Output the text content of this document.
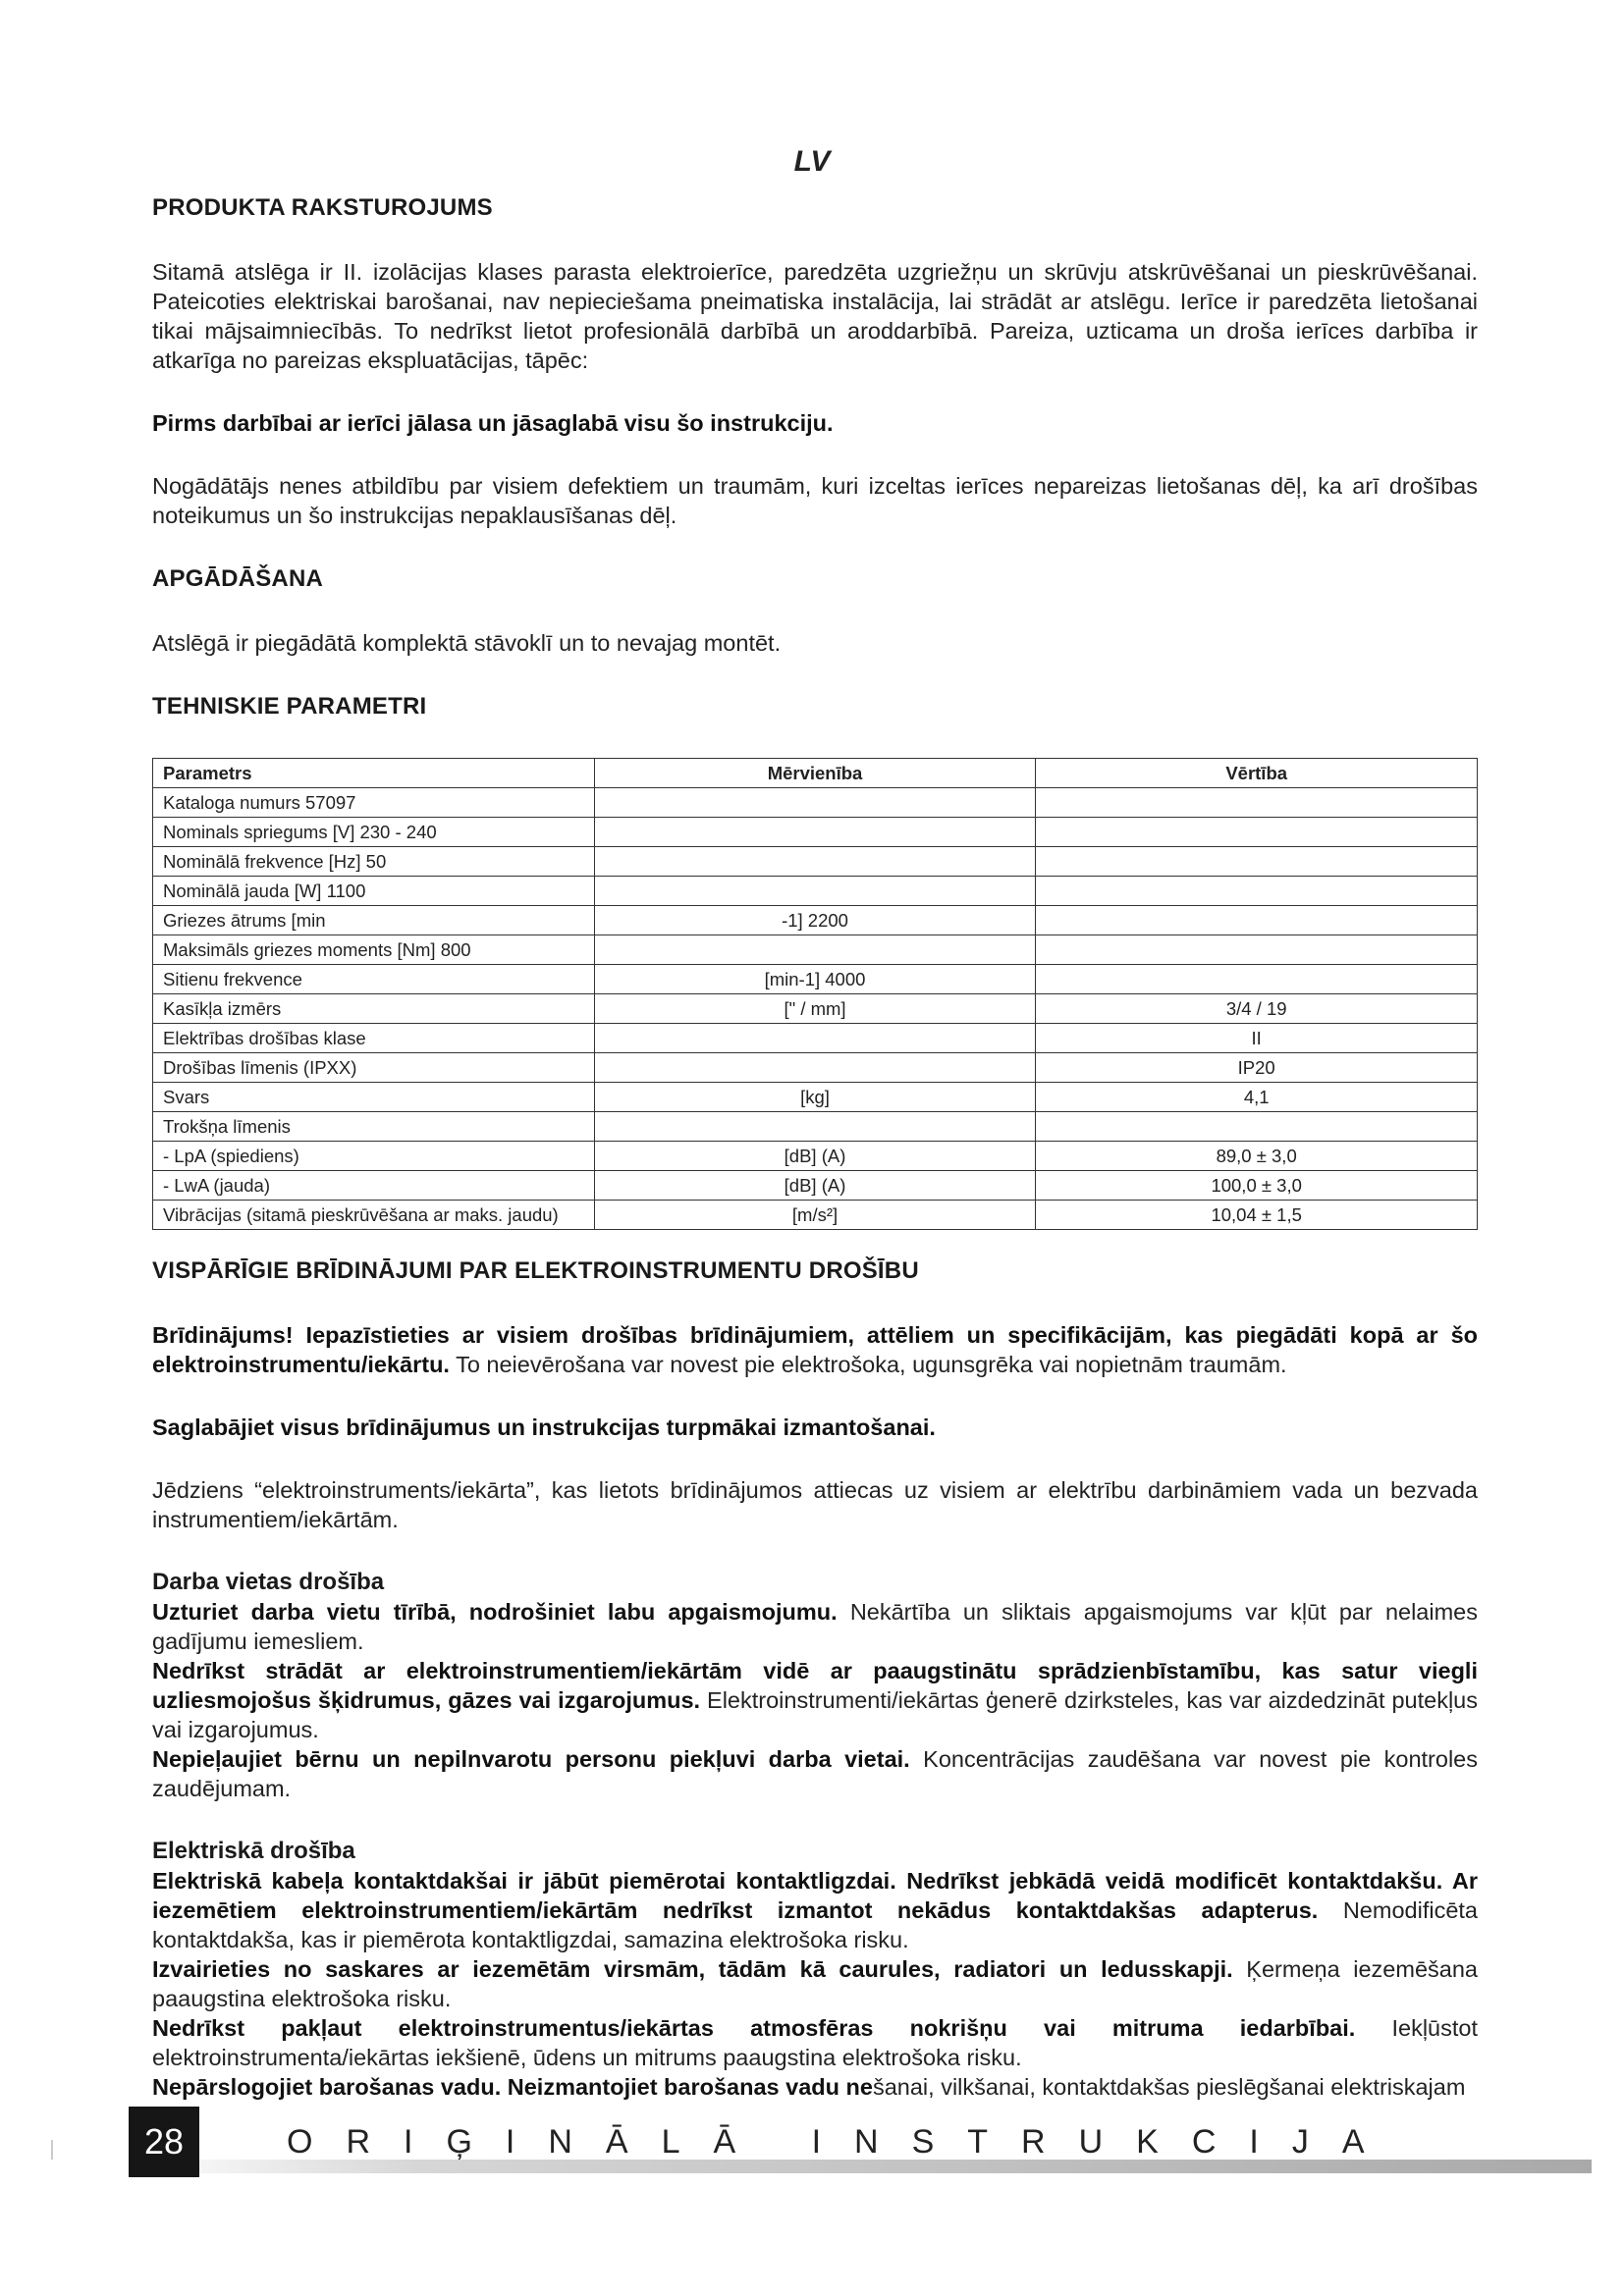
LV
PRODUKTA RAKSTUROJUMS

Sitamā atslēga ir II. izolācijas klases parasta elektroierīce, paredzēta uzgriežņu un skrūvju atskrūvēšanai un pieskrūvēšanai. Pateicoties elektriskai barošanai, nav nepieciešama pneimatiska instalācija, lai strādāt ar atslēgu. Ierīce ir paredzēta lietošanai tikai mājsaimniecībās. To nedrīkst lietot profesionālā darbībā un aroddarbībā. Pareiza, uzticama un droša ierīces darbība ir atkarīga no pareizas ekspluatācijas, tāpēc:

Pirms darbībai ar ierīci jālasa un jāsaglabā visu šo instrukciju.

Nogādātājs nenes atbildību par visiem defektiem un traumām, kuri izceltas ierīces nepareizas lietošanas dēļ, ka arī drošības noteikumus un šo instrukcijas nepaklausīšanas dēļ.

APGĀDĀŠANA

Atslēgā ir piegādātā komplektā stāvoklī un to nevajag montēt.

TEHNISKIE PARAMETRI
Parametrs	Mērvienība	Vērtība
Kataloga numurs 57097		
Nominals spriegums [V] 230 - 240		
Nominālā frekvence [Hz] 50		
Nominālā jauda [W] 1100		
Griezes ātrums [min	-1] 2200	
Maksimāls griezes moments [Nm] 800		
Sitienu frekvence	[min-1] 4000	
Kasīkļa izmērs	[" / mm]	3/4 / 19
Elektrības drošības klase		II
Drošības līmenis (IPXX)		IP20
Svars	[kg]	4,1
Trokšņa līmenis		
- LpA (spiediens)	[dB] (A)	89,0 ± 3,0
- LwA (jauda)	[dB] (A)	100,0 ± 3,0
Vibrācijas (sitamā pieskrūvēšana ar maks. jaudu)	[m/s²]	10,04 ± 1,5
VISPĀRĪGIE BRĪDINĀJUMI PAR ELEKTROINSTRUMENTU DROŠĪBU

Brīdinājums! Iepazīstieties ar visiem drošības brīdinājumiem, attēliem un specifikācijām, kas piegādāti kopā ar šo elektroinstrumentu/iekārtu. To neievērošana var novest pie elektrošoka, ugunsgrēka vai nopietnām traumām.

Saglabājiet visus brīdinājumus un instrukcijas turpmākai izmantošanai.

Jēdziens “elektroinstruments/iekārta”, kas lietots brīdinājumos attiecas uz visiem ar elektrību darbināmiem vada un bezvada instrumentiem/iekārtām.

Darba vietas drošība

Uzturiet darba vietu tīrībā, nodrošiniet labu apgaismojumu. Nekārtība un sliktais apgaismojums var kļūt par nelaimes gadījumu iemesliem.

Nedrīkst strādāt ar elektroinstrumentiem/iekārtām vidē ar paaugstinātu sprādzienbīstamību, kas satur viegli uzliesmojošus šķidrumus, gāzes vai izgarojumus. Elektroinstrumenti/iekārtas ģenerē dzirksteles, kas var aizdedzināt putekļus vai izgarojumus.

Nepieļaujiet bērnu un nepilnvarotu personu piekļuvi darba vietai. Koncentrācijas zaudēšana var novest pie kontroles zaudējumam.

Elektriskā drošība

Elektriskā kabeļa kontaktdakšai ir jābūt piemērotai kontaktligzdai. Nedrīkst jebkādā veidā modificēt kontaktdakšu. Ar iezemētiem elektroinstrumentiem/iekārtām nedrīkst izmantot nekādus kontaktdakšas adapterus. Nemodificēta kontaktdakša, kas ir piemērota kontaktligzdai, samazina elektrošoka risku.

Izvairieties no saskares ar iezemētām virsmām, tādām kā caurules, radiatori un ledusskapji. Ķermeņa iezemēšana paaugstina elektrošoka risku.

Nedrīkst pakļaut elektroinstrumentus/iekārtas atmosfēras nokrišņu vai mitruma iedarbībai. Iekļūstot elektroinstrumenta/iekārtas iekšienē, ūdens un mitrums paaugstina elektrošoka risku.

Nepārslogojiet barošanas vadu. Neizmantojiet barošanas vadu nešanai, vilkšanai, kontaktdakšas pieslēgšanai elektriskajam

28	ORIĢINĀLĀ INSTRUKCIJA
